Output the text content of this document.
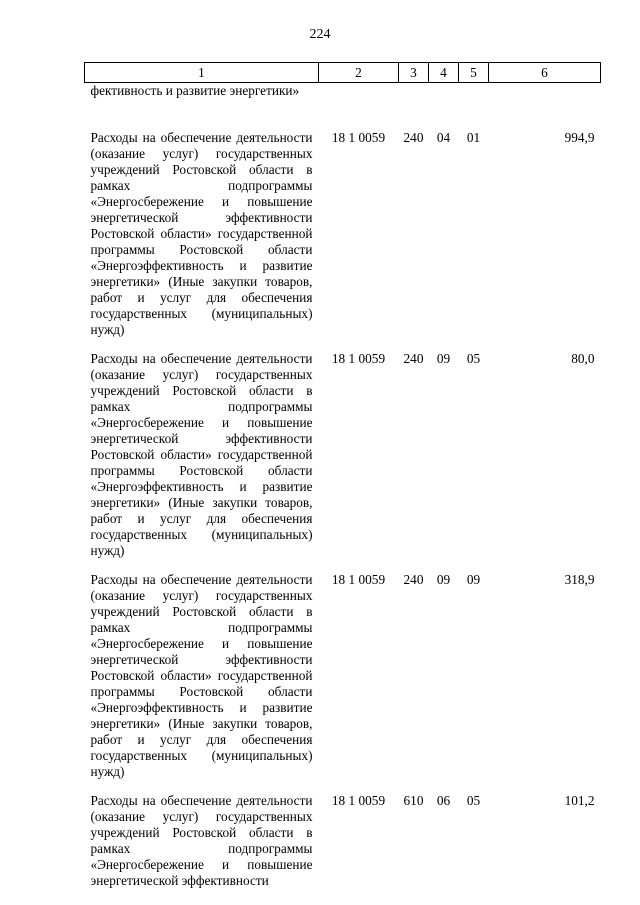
224
1	2	3	4	5	6
фективность и развитие энергетики»					
Расходы на обеспечение деятельности (оказание услуг) государственных учреждений Ростовской области в рамках подпрограммы «Энергосбережение и повышение энергетической эффективности Ростовской области» государственной программы Ростовской области «Энергоэффективность и развитие энергетики» (Иные закупки товаров, работ и услуг для обеспечения государственных (муниципальных) нужд)	18 1 0059	240	04	01	994,9
Расходы на обеспечение деятельности (оказание услуг) государственных учреждений Ростовской области в рамках подпрограммы «Энергосбережение и повышение энергетической эффективности Ростовской области» государственной программы Ростовской области «Энергоэффективность и развитие энергетики» (Иные закупки товаров, работ и услуг для обеспечения государственных (муниципальных) нужд)	18 1 0059	240	09	05	80,0
Расходы на обеспечение деятельности (оказание услуг) государственных учреждений Ростовской области в рамках подпрограммы «Энергосбережение и повышение энергетической эффективности Ростовской области» государственной программы Ростовской области «Энергоэффективность и развитие энергетики» (Иные закупки товаров, работ и услуг для обеспечения государственных (муниципальных) нужд)	18 1 0059	240	09	09	318,9
Расходы на обеспечение деятельности (оказание услуг) государственных учреждений Ростовской области в рамках подпрограммы «Энергосбережение и повышение энергетической эффективности	18 1 0059	610	06	05	101,2
